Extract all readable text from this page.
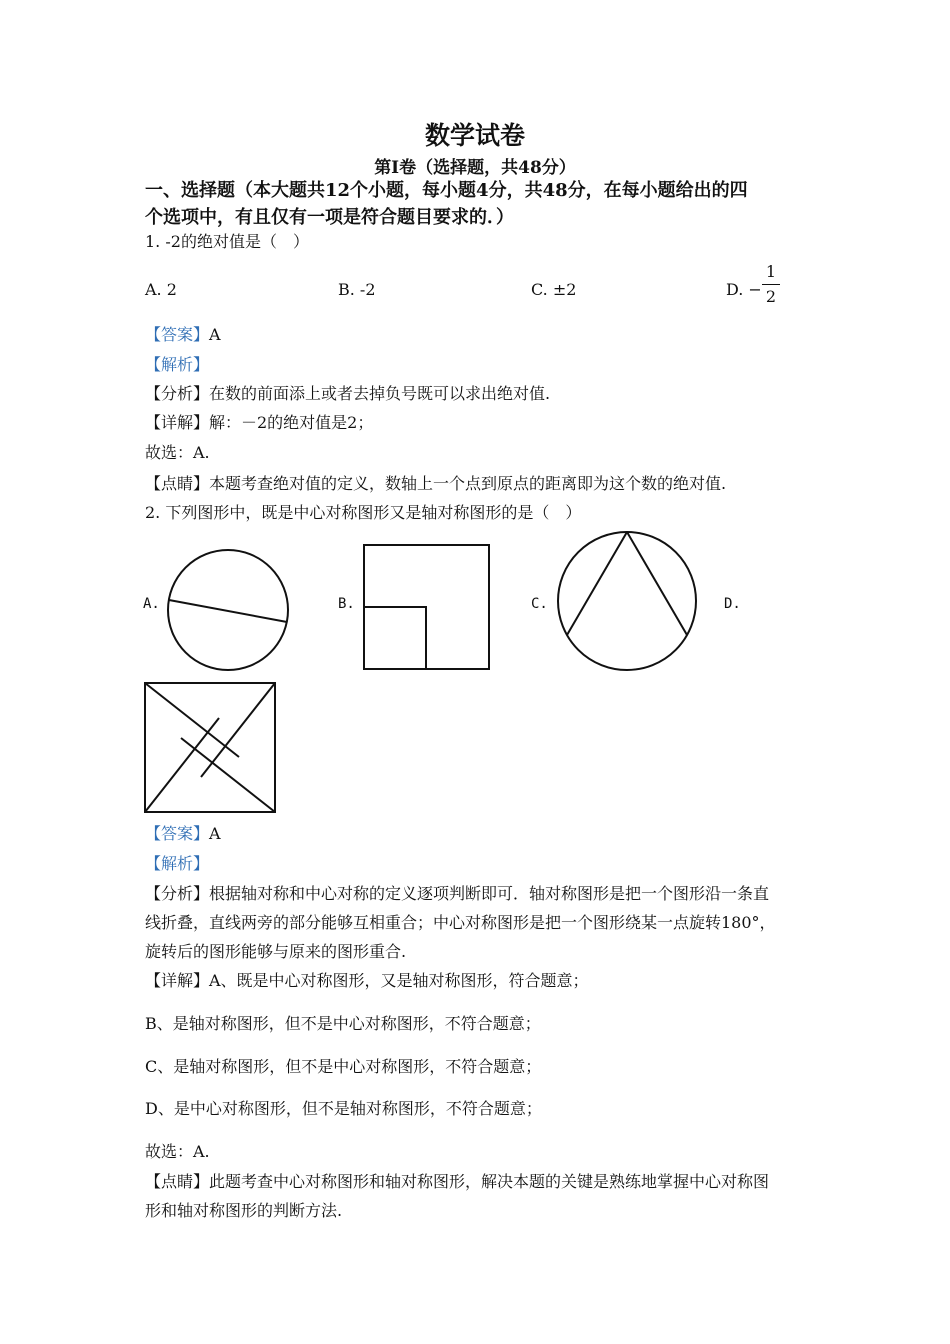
数学试卷
第Ⅰ卷（选择题，共48分）
一、选择题（本大题共12个小题，每小题4分，共48分，在每小题给出的四
个选项中，有且仅有一项是符合题目要求的．）
1. -2的绝对值是（　）
A. 2	B. -2	C. ±2	D. −
1
2
【答案】A
【解析】
【分析】在数的前面添上或者去掉负号既可以求出绝对值.
【详解】解：－2的绝对值是2；
故选：A.
【点睛】本题考查绝对值的定义，数轴上一个点到原点的距离即为这个数的绝对值.
2. 下列图形中，既是中心对称图形又是轴对称图形的是（　）
A.	B.	C.	D.
【答案】A
【解析】
【分析】根据轴对称和中心对称的定义逐项判断即可．轴对称图形是把一个图形沿一条直
线折叠，直线两旁的部分能够互相重合；中心对称图形是把一个图形绕某一点旋转180°，
旋转后的图形能够与原来的图形重合.
【详解】A、既是中心对称图形，又是轴对称图形，符合题意；
B、是轴对称图形，但不是中心对称图形，不符合题意；
C、是轴对称图形，但不是中心对称图形，不符合题意；
D、是中心对称图形，但不是轴对称图形，不符合题意；
故选：A.
【点睛】此题考查中心对称图形和轴对称图形，解决本题的关键是熟练地掌握中心对称图
形和轴对称图形的判断方法.
